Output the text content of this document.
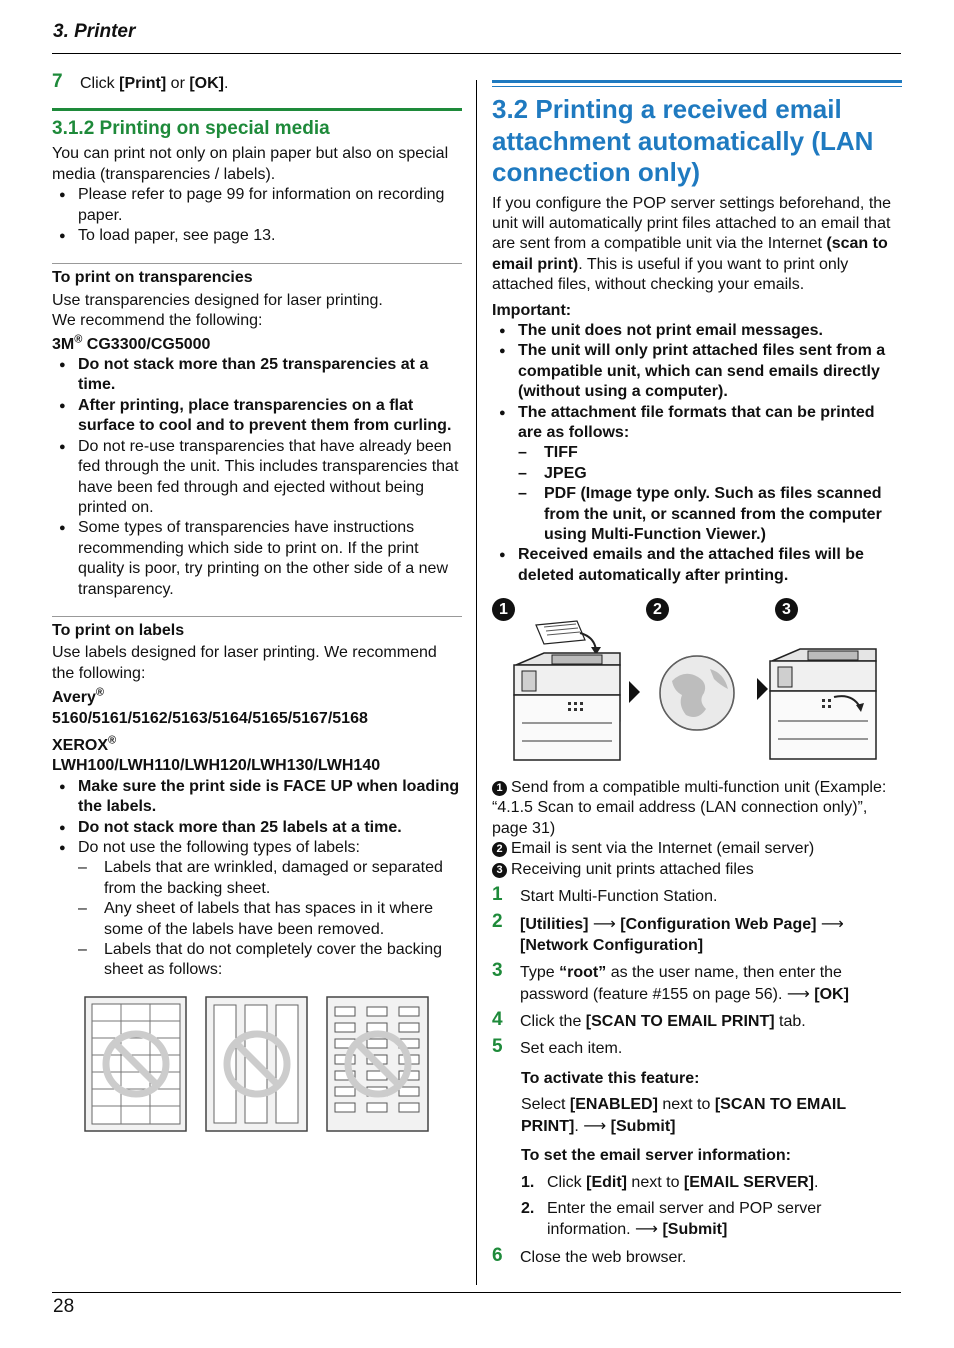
3. Printer
28
7 Click [Print] or [OK].
3.1.2 Printing on special media

You can print not only on plain paper but also on special media (transparencies / labels).

● Please refer to page 99 for information on recording paper.
● To load paper, see page 13.
To print on transparencies

Use transparencies designed for laser printing.

We recommend the following:

3M® CG3300/CG5000
● Do not stack more than 25 transparencies at a time.
● After printing, place transparencies on a flat surface to cool and to prevent them from curling.
● Do not re-use transparencies that have already been fed through the unit. This includes transparencies that have been fed through and ejected without being printed on.
● Some types of transparencies have instructions recommending which side to print on. If the print quality is poor, try printing on the other side of a new transparency.
To print on labels

Use labels designed for laser printing. We recommend the following:

Avery®
5160/5161/5162/5163/5164/5165/5167/5168
XEROX®
LWH100/LWH110/LWH120/LWH130/LWH140
● Make sure the print side is FACE UP when loading the labels.
● Do not stack more than 25 labels at a time.
● Do not use the following types of labels:
– Labels that are wrinkled, damaged or separated from the backing sheet.
– Any sheet of labels that has spaces in it where some of the labels have been removed.
– Labels that do not completely cover the backing sheet as follows:
3.2 Printing a received email attachment automatically (LAN connection only)

If you configure the POP server settings beforehand, the unit will automatically print files attached to an email that are sent from a compatible unit via the Internet (scan to email print). This is useful if you want to print only attached files, without checking your emails.

Important:
● The unit does not print email messages.
● The unit will only print attached files sent from a compatible unit, which can send emails directly (without using a computer).
● The attachment file formats that can be printed are as follows:
– TIFF
– JPEG
– PDF (Image type only. Such as files scanned from the unit, or scanned from the computer using Multi-Function Viewer.)
● Received emails and the attached files will be deleted automatically after printing.
1	2	3

1 Send from a compatible multi-function unit (Example: “4.1.5 Scan to email address (LAN connection only)”, page 31)

2 Email is sent via the Internet (email server)

3 Receiving unit prints attached files

1 Start Multi-Function Station.
2 [Utilities] ⟶ [Configuration Web Page] ⟶
[Network Configuration]
3 Type “root” as the user name, then enter the password (feature #155 on page 56). ⟶ [OK]
4 Click the [SCAN TO EMAIL PRINT] tab.
5 Set each item.
To activate this feature:
Select [ENABLED] next to [SCAN TO EMAIL PRINT]. ⟶ [Submit]
To set the email server information:
1. Click [Edit] next to [EMAIL SERVER].
2. Enter the email server and POP server information. ⟶ [Submit]
6 Close the web browser.
